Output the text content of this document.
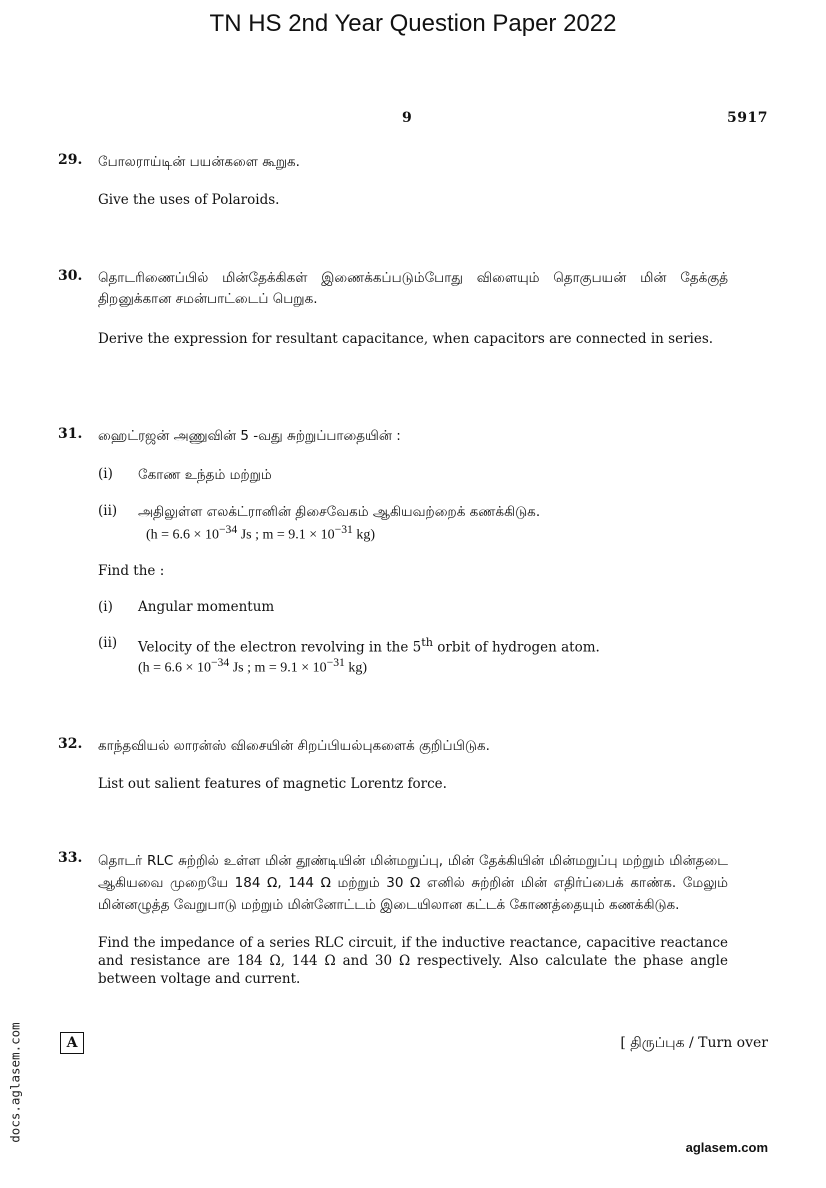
TN HS 2nd Year Question Paper 2022
9	5917
29. போலராய்டின் பயன்களை கூறுக.

Give the uses of Polaroids.

30. தொடரிணைப்பில் மின்தேக்கிகள் இணைக்கப்படும்போது விளையும் தொகுபயன் மின் தேக்குத் திறனுக்கான சமன்பாட்டைப் பெறுக.

Derive the expression for resultant capacitance, when capacitors are connected in series.

31. ஹைட்ரஜன் அணுவின் 5 -வது சுற்றுப்பாதையின் :

(i) கோண உந்தம் மற்றும்

(ii) அதிலுள்ள எலக்ட்ரானின் திசைவேகம் ஆகியவற்றைக் கணக்கிடுக.

($h = 6.6 \times 10^{-34}$ Js ; $m = 9.1 \times 10^{-31}$ kg)

Find the :

(i) Angular momentum

(ii) Velocity of the electron revolving in the 5th orbit of hydrogen atom.

($h = 6.6 \times 10^{-34}$ Js ; $m = 9.1 \times 10^{-31}$ kg)

32. காந்தவியல் லாரன்ஸ் விசையின் சிறப்பியல்புகளைக் குறிப்பிடுக.

List out salient features of magnetic Lorentz force.

33. தொடர் RLC சுற்றில் உள்ள மின் தூண்டியின் மின்மறுப்பு, மின் தேக்கியின் மின்மறுப்பு மற்றும் மின்தடை ஆகியவை முறையே 184 Ω, 144 Ω மற்றும் 30 Ω எனில் சுற்றின் மின் எதிர்ப்பைக் காண்க. மேலும் மின்னழுத்த வேறுபாடு மற்றும் மின்னோட்டம் இடையிலான கட்டக் கோணத்தையும் கணக்கிடுக.

Find the impedance of a series RLC circuit, if the inductive reactance, capacitive reactance and resistance are 184 Ω, 144 Ω and 30 Ω respectively. Also calculate the phase angle between voltage and current.

A	[ திருப்புக / Turn over
docs.aglasem.com
aglasem.com
